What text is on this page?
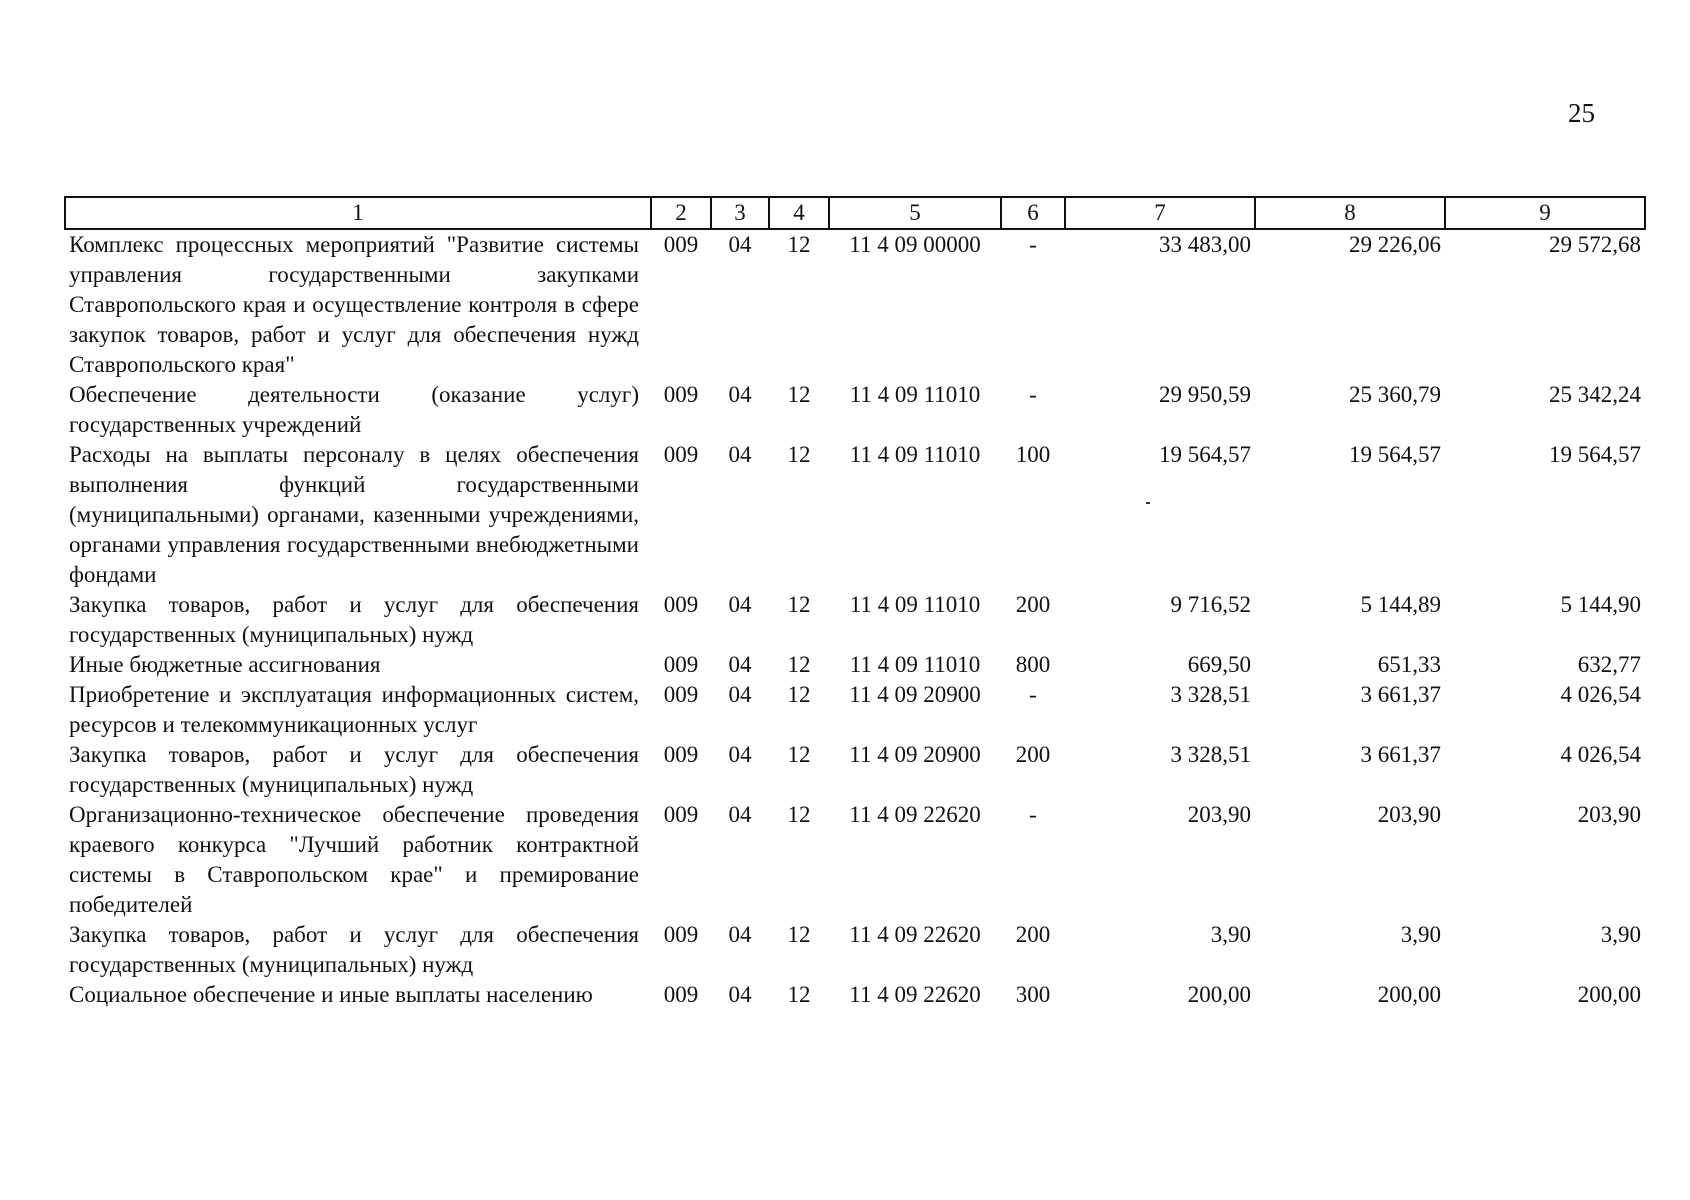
25
1	2	3	4	5	6	7	8	9
Комплекс процессных мероприятий "Развитие системы управления государственными закупками Ставропольского края и осуществление контроля в сфере закупок товаров, работ и услуг для обеспечения нужд Ставропольского края"	009	04	12	11 4 09 00000	-	33 483,00	29 226,06	29 572,68
Обеспечение деятельности (оказание услуг) государственных учреждений	009	04	12	11 4 09 11010	-	29 950,59	25 360,79	25 342,24
Расходы на выплаты персоналу в целях обеспечения выполнения функций государственными (муниципальными) органами, казенными учреждениями, органами управления государственными внебюджетными фондами	009	04	12	11 4 09 11010	100	19 564,57	19 564,57	19 564,57
Закупка товаров, работ и услуг для обеспечения государственных (муниципальных) нужд	009	04	12	11 4 09 11010	200	9 716,52	5 144,89	5 144,90
Иные бюджетные ассигнования	009	04	12	11 4 09 11010	800	669,50	651,33	632,77
Приобретение и эксплуатация информационных систем, ресурсов и телекоммуникационных услуг	009	04	12	11 4 09 20900	-	3 328,51	3 661,37	4 026,54
Закупка товаров, работ и услуг для обеспечения государственных (муниципальных) нужд	009	04	12	11 4 09 20900	200	3 328,51	3 661,37	4 026,54
Организационно-техническое обеспечение проведения краевого конкурса "Лучший работник контрактной системы в Ставропольском крае" и премирование победителей	009	04	12	11 4 09 22620	-	203,90	203,90	203,90
Закупка товаров, работ и услуг для обеспечения государственных (муниципальных) нужд	009	04	12	11 4 09 22620	200	3,90	3,90	3,90
Социальное обеспечение и иные выплаты населению	009	04	12	11 4 09 22620	300	200,00	200,00	200,00
